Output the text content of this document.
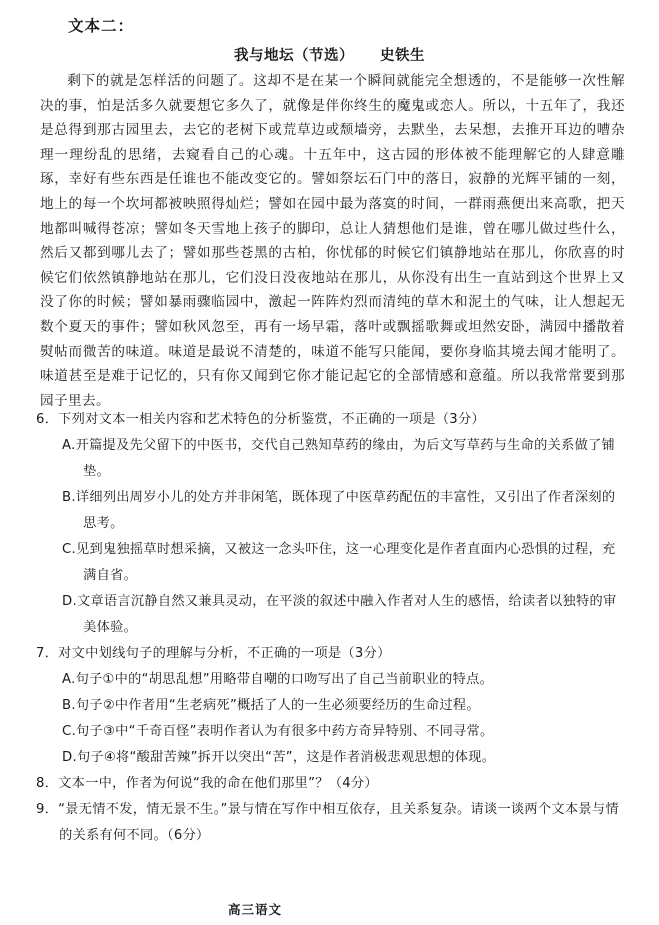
文本二：
我与地坛（节选） 史铁生

剩下的就是怎样活的问题了。这却不是在某一个瞬间就能完全想透的，不是能够一次性解决的事，怕是活多久就要想它多久了，就像是伴你终生的魔鬼或恋人。所以，十五年了，我还是总得到那古园里去，去它的老树下或荒草边或颓墙旁，去默坐，去呆想，去推开耳边的嘈杂理一理纷乱的思绪，去窥看自己的心魂。十五年中，这古园的形体被不能理解它的人肆意雕琢，幸好有些东西是任谁也不能改变它的。譬如祭坛石门中的落日，寂静的光辉平铺的一刻，地上的每一个坎坷都被映照得灿烂；譬如在园中最为落寞的时间，一群雨燕便出来高歌，把天地都叫喊得苍凉；譬如冬天雪地上孩子的脚印，总让人猜想他们是谁，曾在哪儿做过些什么，然后又都到哪儿去了；譬如那些苍黑的古柏，你忧郁的时候它们镇静地站在那儿，你欣喜的时候它们依然镇静地站在那儿，它们没日没夜地站在那儿，从你没有出生一直站到这个世界上又没了你的时候；譬如暴雨骤临园中，激起一阵阵灼烈而清纯的草木和泥土的气味，让人想起无数个夏天的事件；譬如秋风忽至，再有一场早霜，落叶或飘摇歌舞或坦然安卧，满园中播散着熨帖而微苦的味道。味道是最说不清楚的，味道不能写只能闻，要你身临其境去闻才能明了。味道甚至是难于记忆的，只有你又闻到它你才能记起它的全部情感和意蕴。所以我常常要到那园子里去。

6．下列对文本一相关内容和艺术特色的分析鉴赏，不正确的一项是（3分）
A.开篇提及先父留下的中医书，交代自己熟知草药的缘由，为后文写草药与生命的关系做了铺垫。
B.详细列出周岁小儿的处方并非闲笔，既体现了中医草药配伍的丰富性，又引出了作者深刻的思考。
C.见到鬼独摇草时想采摘，又被这一念头吓住，这一心理变化是作者直面内心恐惧的过程，充满自省。
D.文章语言沉静自然又兼具灵动，在平淡的叙述中融入作者对人生的感悟，给读者以独特的审美体验。
7．对文中划线句子的理解与分析，不正确的一项是（3分）
A.句子①中的“胡思乱想”用略带自嘲的口吻写出了自己当前职业的特点。
B.句子②中作者用“生老病死”概括了人的一生必须要经历的生命过程。
C.句子③中“千奇百怪”表明作者认为有很多中药方奇异特别、不同寻常。
D.句子④将“酸甜苦辣”拆开以突出“苦”，这是作者消极悲观思想的体现。
8．文本一中，作者为何说“我的命在他们那里”？（4分）
9．“景无情不发，情无景不生。”景与情在写作中相互依存，且关系复杂。请谈一谈两个文本景与情的关系有何不同。（6分）
高三语文
